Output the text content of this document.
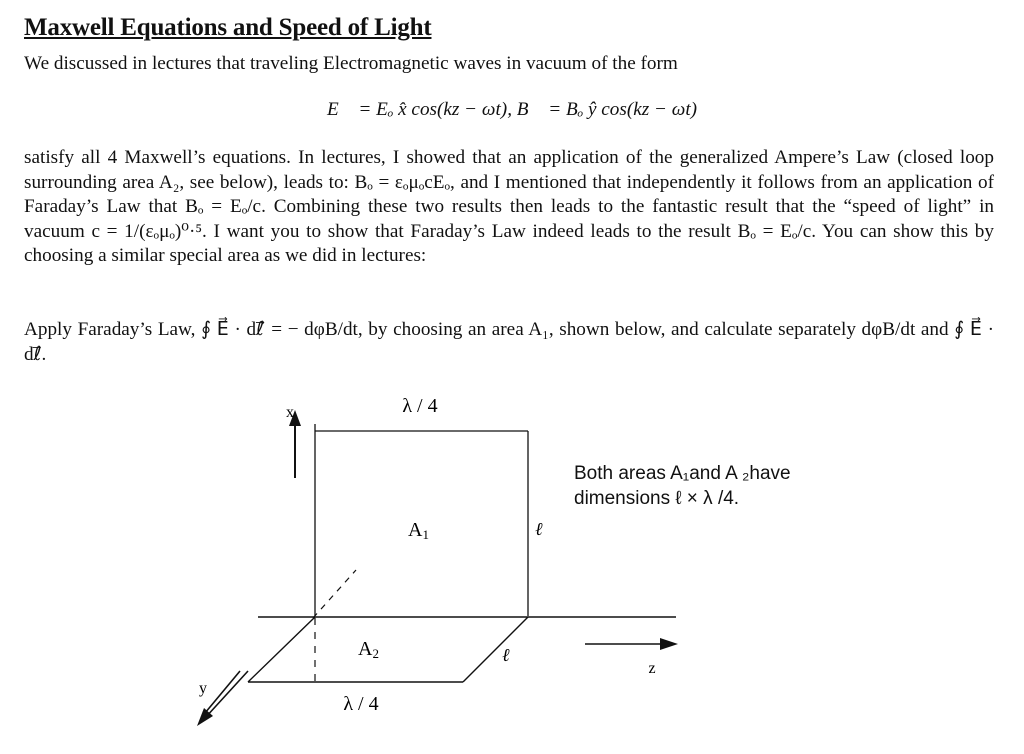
Maxwell Equations and Speed of Light

We discussed in lectures that traveling Electromagnetic waves in vacuum of the form

E⃗ = Eₒ x̂ cos(kz − ωt), B⃗ = Bₒ ŷ cos(kz − ωt)

satisfy all 4 Maxwell’s equations. In lectures, I showed that an application of the generalized Ampere’s Law (closed loop surrounding area A₂, see below), leads to: Bₒ = εₒμₒcEₒ, and I mentioned that independently it follows from an application of Faraday’s Law that Bₒ = Eₒ/c. Combining these two results then leads to the fantastic result that the “speed of light” in vacuum c = 1/(εₒμₒ)⁰·⁵. I want you to show that Faraday’s Law indeed leads to the result Bₒ = Eₒ/c. You can show this by choosing a similar special area as we did in lectures:

Apply Faraday’s Law, ∮ E⃗ · dℓ⃗ = − dφB/dt, by choosing an area A₁, shown below, and calculate separately dφB/dt and ∮ E⃗ · dℓ⃗.

x	λ / 4
A1	ℓ
A2	ℓ
y
z
λ / 4
Both areas A₁and A ₂have
dimensions ℓ × λ /4.
